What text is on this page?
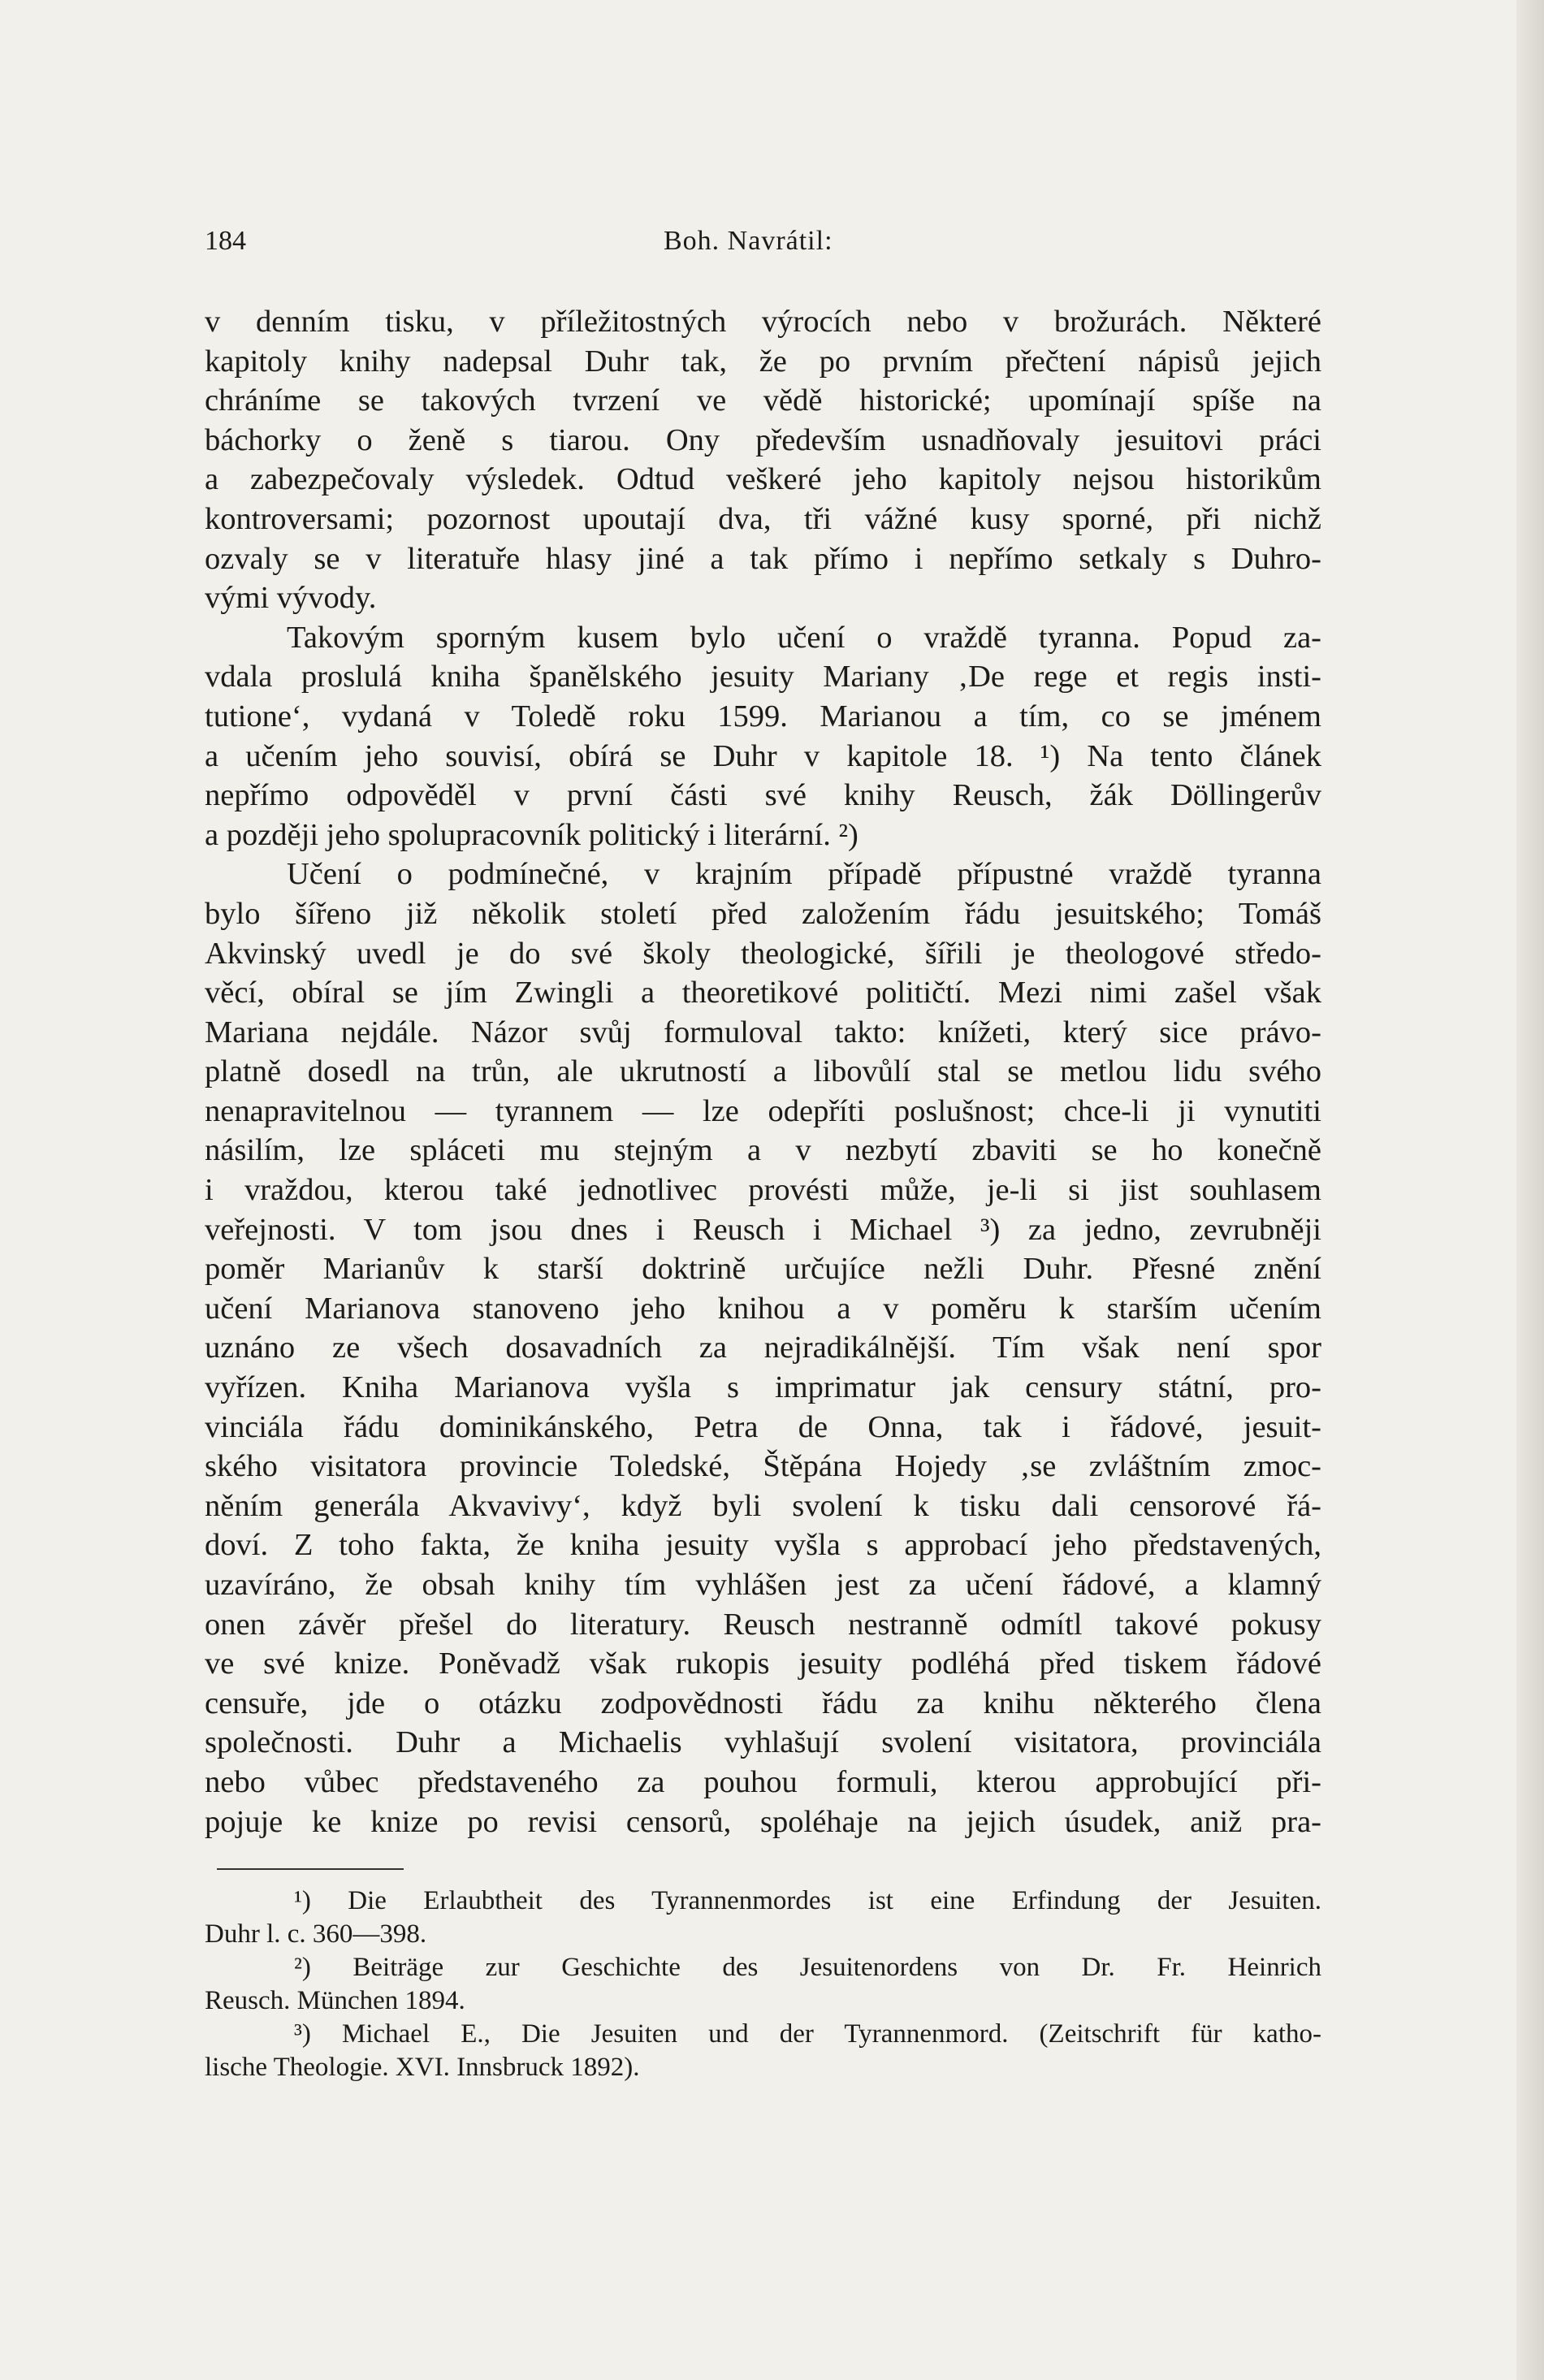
184	Boh. Navrátil:
v denním tisku, v příležitostných výrocích nebo v brožurách. Některé
kapitoly knihy nadepsal Duhr tak, že po prvním přečtení nápisů jejich
chráníme se takových tvrzení ve vědě historické; upomínají spíše na
báchorky o ženě s tiarou. Ony především usnadňovaly jesuitovi práci
a zabezpečovaly výsledek. Odtud veškeré jeho kapitoly nejsou historikům
kontroversami; pozornost upoutají dva, tři vážné kusy sporné, při nichž
ozvaly se v literatuře hlasy jiné a tak přímo i nepřímo setkaly s Duhro-
vými vývody.
Takovým sporným kusem bylo učení o vraždě tyranna. Popud za-
vdala proslulá kniha španělského jesuity Mariany ‚De rege et regis insti-
tutione‘, vydaná v Toledě roku 1599. Marianou a tím, co se jménem
a učením jeho souvisí, obírá se Duhr v kapitole 18. ¹) Na tento článek
nepřímo odpověděl v první části své knihy Reusch, žák Döllingerův
a později jeho spolupracovník politický i literární. ²)
Učení o podmínečné, v krajním případě přípustné vraždě tyranna
bylo šířeno již několik století před založením řádu jesuitského; Tomáš
Akvinský uvedl je do své školy theologické, šířili je theologové středo-
věcí, obíral se jím Zwingli a theoretikové političtí. Mezi nimi zašel však
Mariana nejdále. Názor svůj formuloval takto: knížeti, který sice právo-
platně dosedl na trůn, ale ukrutností a libovůlí stal se metlou lidu svého
nenapravitelnou — tyrannem — lze odepříti poslušnost; chce-li ji vynutiti
násilím, lze spláceti mu stejným a v nezbytí zbaviti se ho konečně
i vraždou, kterou také jednotlivec provésti může, je-li si jist souhlasem
veřejnosti. V tom jsou dnes i Reusch i Michael ³) za jedno, zevrubněji
poměr Marianův k starší doktrině určujíce nežli Duhr. Přesné znění
učení Marianova stanoveno jeho knihou a v poměru k starším učením
uznáno ze všech dosavadních za nejradikálnější. Tím však není spor
vyřízen. Kniha Marianova vyšla s imprimatur jak censury státní, pro-
vinciála řádu dominikánského, Petra de Onna, tak i řádové, jesuit-
ského visitatora provincie Toledské, Štěpána Hojedy ‚se zvláštním zmoc-
něním generála Akvavivy‘, když byli svolení k tisku dali censorové řá-
doví. Z toho fakta, že kniha jesuity vyšla s approbací jeho představených,
uzavíráno, že obsah knihy tím vyhlášen jest za učení řádové, a klamný
onen závěr přešel do literatury. Reusch nestranně odmítl takové pokusy
ve své knize. Poněvadž však rukopis jesuity podléhá před tiskem řádové
censuře, jde o otázku zodpovědnosti řádu za knihu některého člena
společnosti. Duhr a Michaelis vyhlašují svolení visitatora, provinciála
nebo vůbec představeného za pouhou formuli, kterou approbující při-
pojuje ke knize po revisi censorů, spoléhaje na jejich úsudek, aniž pra-
¹) Die Erlaubtheit des Tyrannenmordes ist eine Erfindung der Jesuiten.
Duhr l. c. 360—398.
²) Beiträge zur Geschichte des Jesuitenordens von Dr. Fr. Heinrich
Reusch. München 1894.
³) Michael E., Die Jesuiten und der Tyrannenmord. (Zeitschrift für katho-
lische Theologie. XVI. Innsbruck 1892).
